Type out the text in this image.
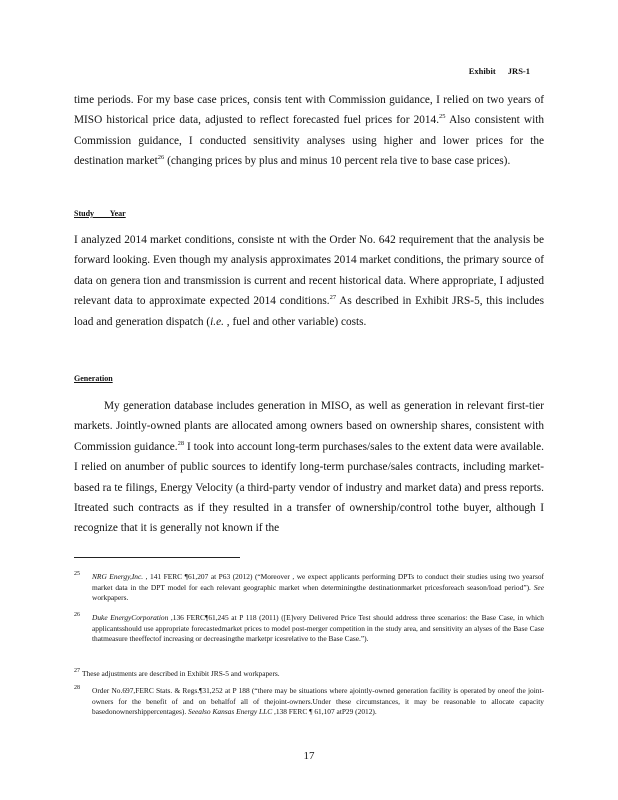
Exhibit JRS-1
time periods. For my base case prices, consis tent with Commission guidance, I relied on two years of MISO historical price data, adjusted to reflect forecasted fuel prices for 2014.25 Also consistent with Commission guidance, I conducted sensitivity analyses using higher and lower prices for the destination market$^{26}$ (changing prices by plus and minus 10 percent rela tive to base case prices).
Study Year
I analyzed 2014 market conditions, consiste nt with the Order No. 642 requirement that the analysis be forward looking. Even though my analysis approximates 2014 market conditions, the primary source of data on genera tion and transmission is current and recent historical data. Where appropriate, I adjusted relevant data to approximate expected 2014 conditions.$^{27}$ As described in Exhibit JRS-5, this includes load and generation dispatch (i.e. , fuel and other variable) costs.
Generation
My generation database includes generation in MISO, as well as generation in relevant first-tier markets. Jointly-owned plants are allocated among owners based on ownership shares, consistent with Commission guidance.$^{28}$ I took into account long-term purchases/sales to the extent data were available. I relied on anumber of public sources to identify long-term purchase/sales contracts, including market-based ra te filings, Energy Velocity (a third-party vendor of industry and market data) and press reports. Itreated such contracts as if they resulted in a transfer of ownership/control tothe buyer, although I recognize that it is generally not known if the
25 NRG Energy,Inc. , 141 FERC ¶61,207 at P63 (2012) (“Moreover , we expect applicants performing DPTs to conduct their studies using two yearsof market data in the DPT model for each relevant geographic market when determiningthe destinationmarket pricesforeach season/load period”). See workpapers.
26 Duke EnergyCorporation ,136 FERC¶61,245 at P 118 (2011) ([E]very Delivered Price Test should address three scenarios: the Base Case, in which applicantsshould use appropriate forecastedmarket prices to model post-merger competition in the study area, and sensitivity an alyses of the Base Case thatmeasure theeffectof increasing or decreasingthe marketpr icesrelative to the Base Case.”).
27 These adjustments are described in Exhibit JRS-5 and workpapers.
28 Order No.697,FERC Stats. & Regs.¶31,252 at P 188 (“there may be situations where ajointly-owned generation facility is operated by oneof the joint-owners for the benefit of and on behalfof all of thejoint-owners.Under these circumstances, it may be reasonable to allocate capacity basedonownershippercentages). Seealso Kansas Energy LLC ,138 FERC ¶ 61,107 atP29 (2012).
17
